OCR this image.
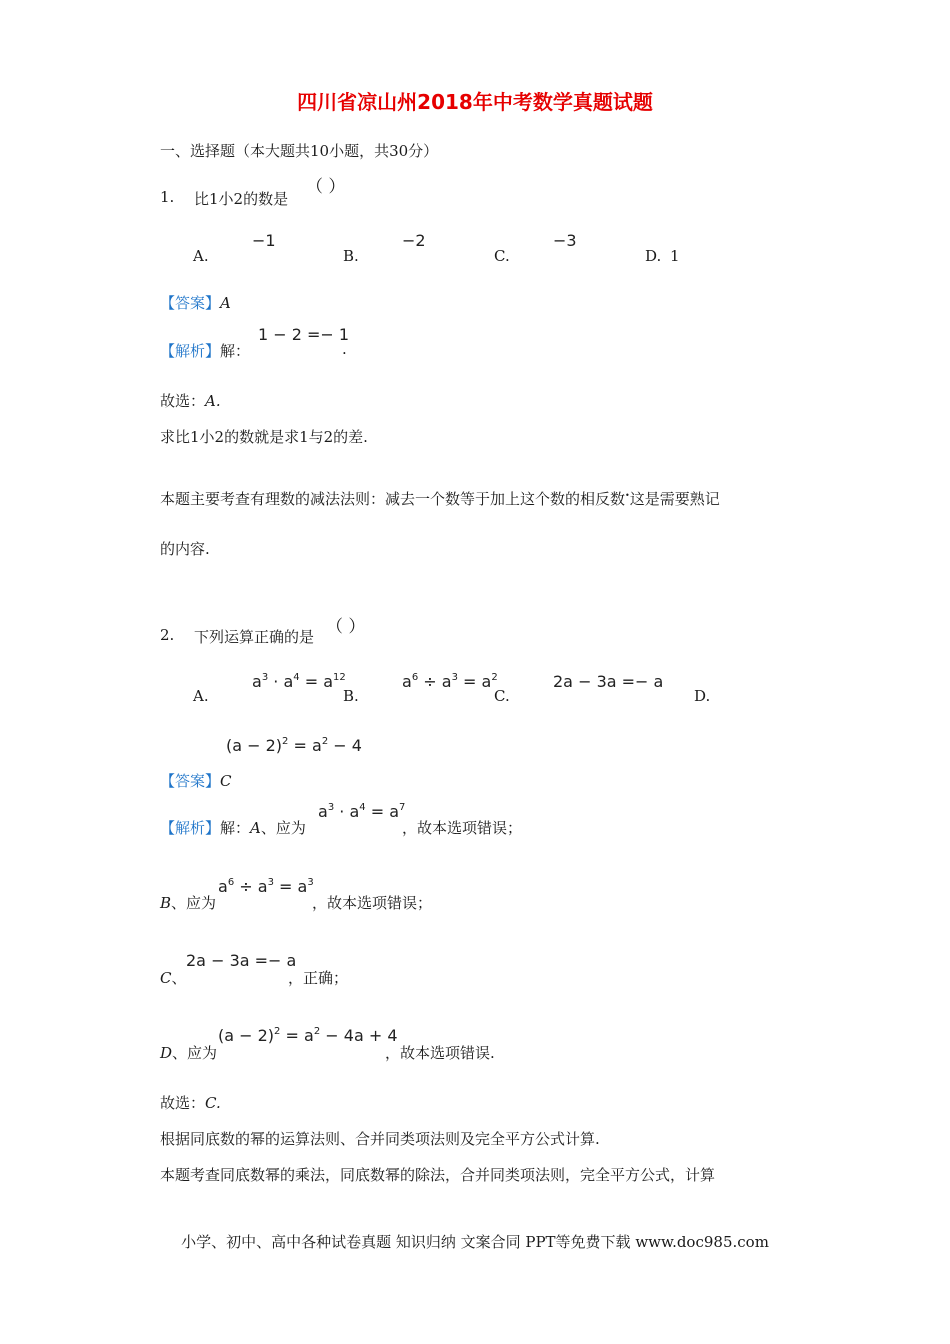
四川省凉山州2018年中考数学真题试题
一、选择题（本大题共10小题，共30分）
1. 比1小2的数是
（ ）
A.
−1
B.
−2
C.
−3
D. 1
【答案】A
【解析】解：
1 − 2 =− 1
.
故选：A.
求比1小2的数就是求1与2的差.
本题主要考查有理数的减法法则：减去一个数等于加上这个数的相反数•这是需要熟记
的内容.
2. 下列运算正确的是 （ ）
A.
$a^3 \cdot a^4 = a^{12}$
B.
$a^6 \div a^3 = a^2$
C.
2a − 3a =− a
D.
$(a - 2)^2 = a^2 - 4$
【答案】C
【解析】解：A、应为
$a^3 \cdot a^4 = a^7$
，故本选项错误；
B、应为
$a^6 \div a^3 = a^3$
，故本选项错误；
C、
2a − 3a =− a
，正确；
D、应为
$(a - 2)^2 = a^2 - 4a + 4$
，故本选项错误.
故选：C.
根据同底数的幂的运算法则、合并同类项法则及完全平方公式计算.
本题考查同底数幂的乘法，同底数幂的除法，合并同类项法则，完全平方公式，计算
小学、初中、高中各种试卷真题 知识归纳 文案合同 PPT等免费下载 www.doc985.com
